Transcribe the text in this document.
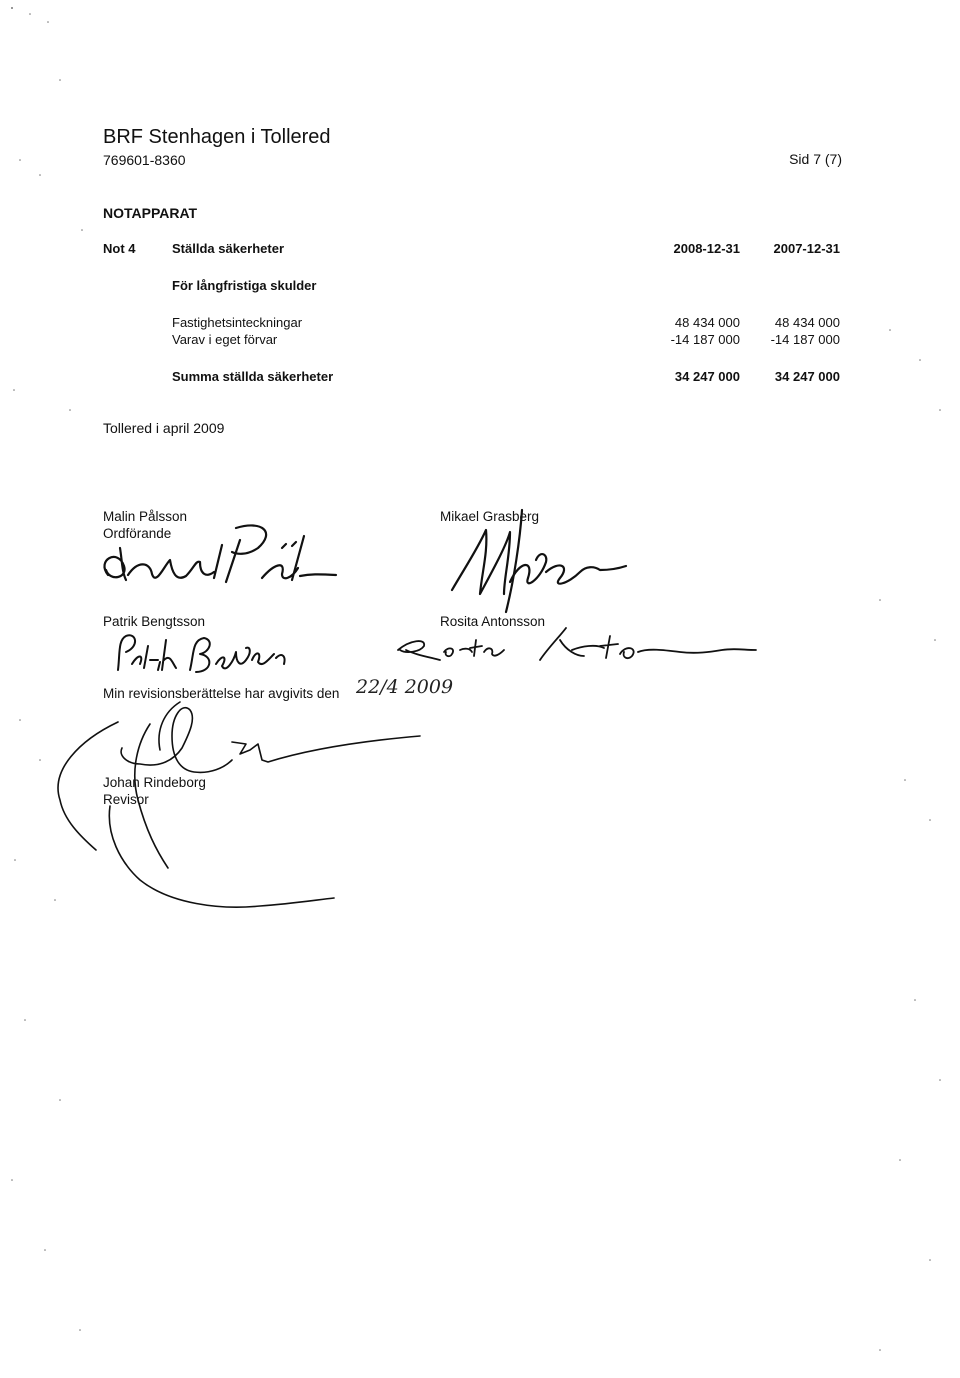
BRF Stenhagen i Tollered
769601-8360	Sid 7 (7)
NOTAPPARAT
Not 4	Ställda säkerheter	2008-12-31	2007-12-31
För långfristiga skulder
Fastighetsinteckningar	48 434 000	48 434 000
Varav i eget förvar	-14 187 000	-14 187 000
Summa ställda säkerheter	34 247 000	34 247 000
Tollered i april 2009
Malin Pålsson
Ordförande
Mikael Grasberg
Patrik Bengtsson	Rosita Antonsson
Min revisionsberättelse har avgivits den 22/4 2009
Johan Rindeborg
Revisor
